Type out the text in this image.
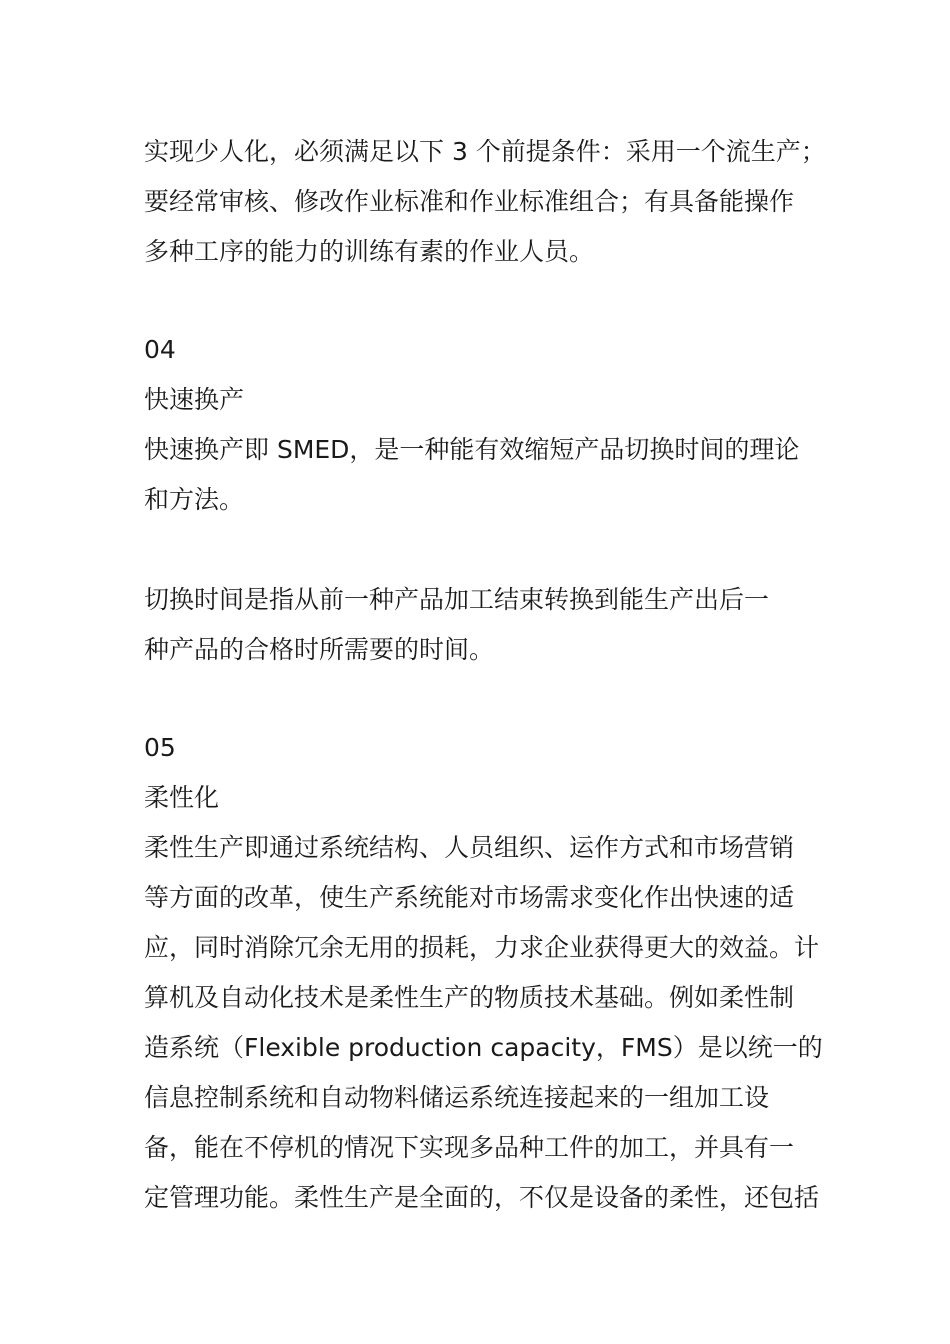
实现少人化，必须满足以下 3 个前提条件：采用一个流生产；
要经常审核、修改作业标准和作业标准组合；有具备能操作
多种工序的能力的训练有素的作业人员。
04
快速换产
快速换产即 SMED，是一种能有效缩短产品切换时间的理论
和方法。
切换时间是指从前一种产品加工结束转换到能生产出后一
种产品的合格时所需要的时间。
05
柔性化
柔性生产即通过系统结构、人员组织、运作方式和市场营销
等方面的改革，使生产系统能对市场需求变化作出快速的适
应，同时消除冗余无用的损耗，力求企业获得更大的效益。计
算机及自动化技术是柔性生产的物质技术基础。例如柔性制
造系统（Flexible production capacity，FMS）是以统一的
信息控制系统和自动物料储运系统连接起来的一组加工设
备，能在不停机的情况下实现多品种工件的加工，并具有一
定管理功能。柔性生产是全面的，不仅是设备的柔性，还包括
